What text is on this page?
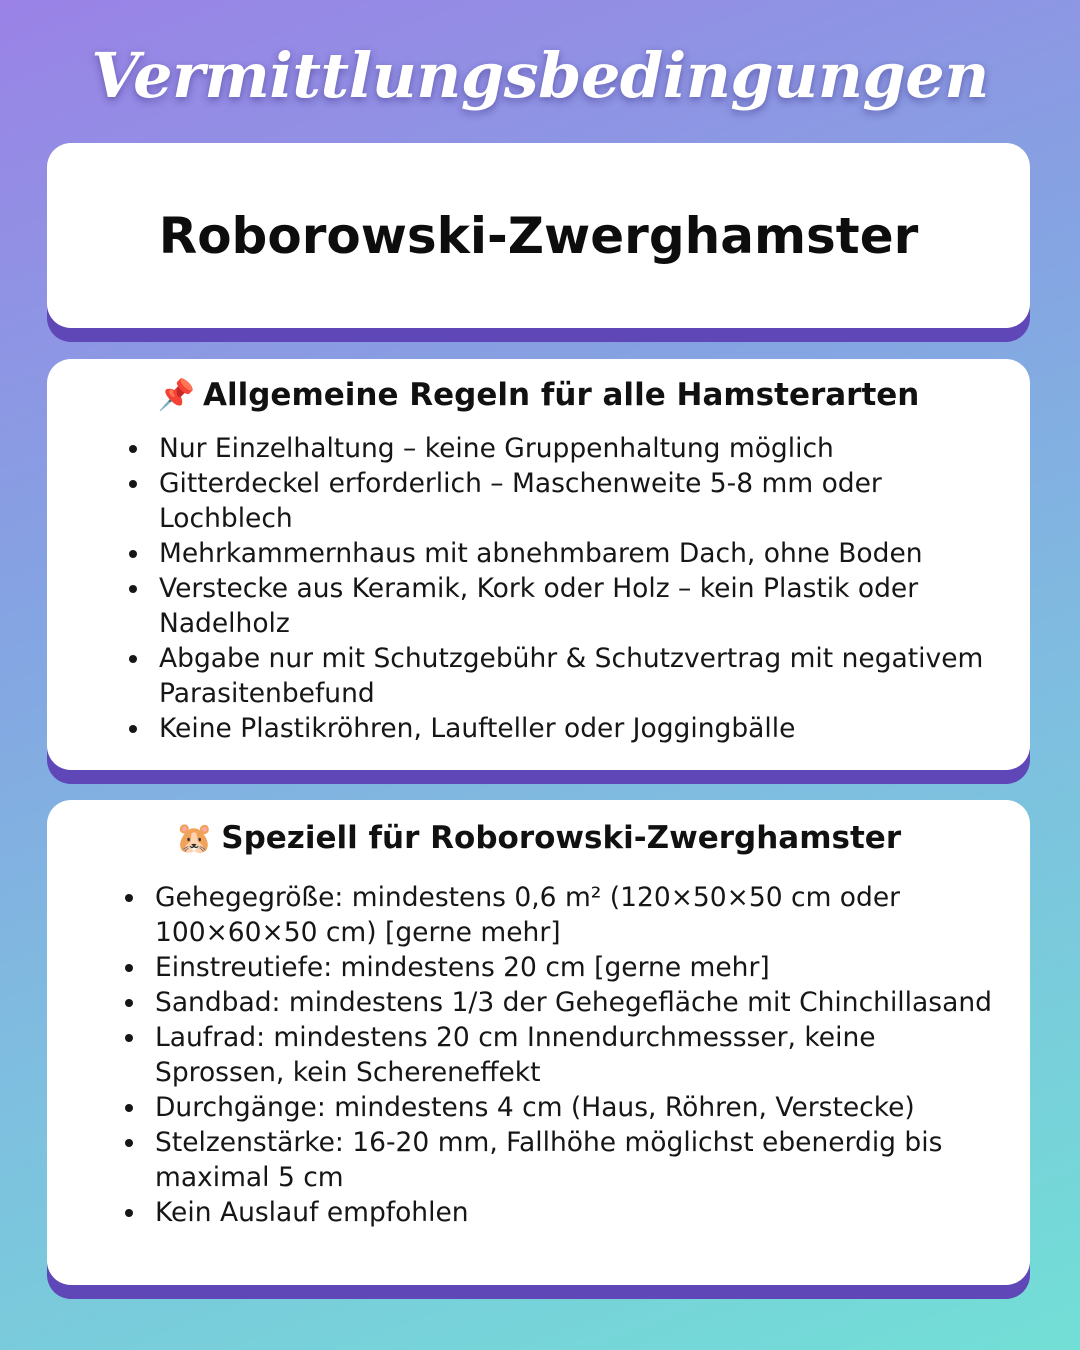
Vermittlungsbedingungen
Roborowski-Zwerghamster
📌 Allgemeine Regeln für alle Hamsterarten
Nur Einzelhaltung – keine Gruppenhaltung möglich
Gitterdeckel erforderlich – Maschenweite 5-8 mm oder Lochblech
Mehrkammernhaus mit abnehmbarem Dach, ohne Boden
Verstecke aus Keramik, Kork oder Holz – kein Plastik oder Nadelholz
Abgabe nur mit Schutzgebühr & Schutzvertrag mit negativem Parasitenbefund
Keine Plastikröhren, Laufteller oder Joggingbälle
🐹 Speziell für Roborowski-Zwerghamster
Gehegegröße: mindestens 0,6 m² (120×50×50 cm oder 100×60×50 cm) [gerne mehr]
Einstreutiefe: mindestens 20 cm [gerne mehr]
Sandbad: mindestens 1/3 der Gehegefläche mit Chinchillasand
Laufrad: mindestens 20 cm Innendurchmessser, keine Sprossen, kein Schereneffekt
Durchgänge: mindestens 4 cm (Haus, Röhren, Verstecke)
Stelzenstärke: 16-20 mm, Fallhöhe möglichst ebenerdig bis maximal 5 cm
Kein Auslauf empfohlen
